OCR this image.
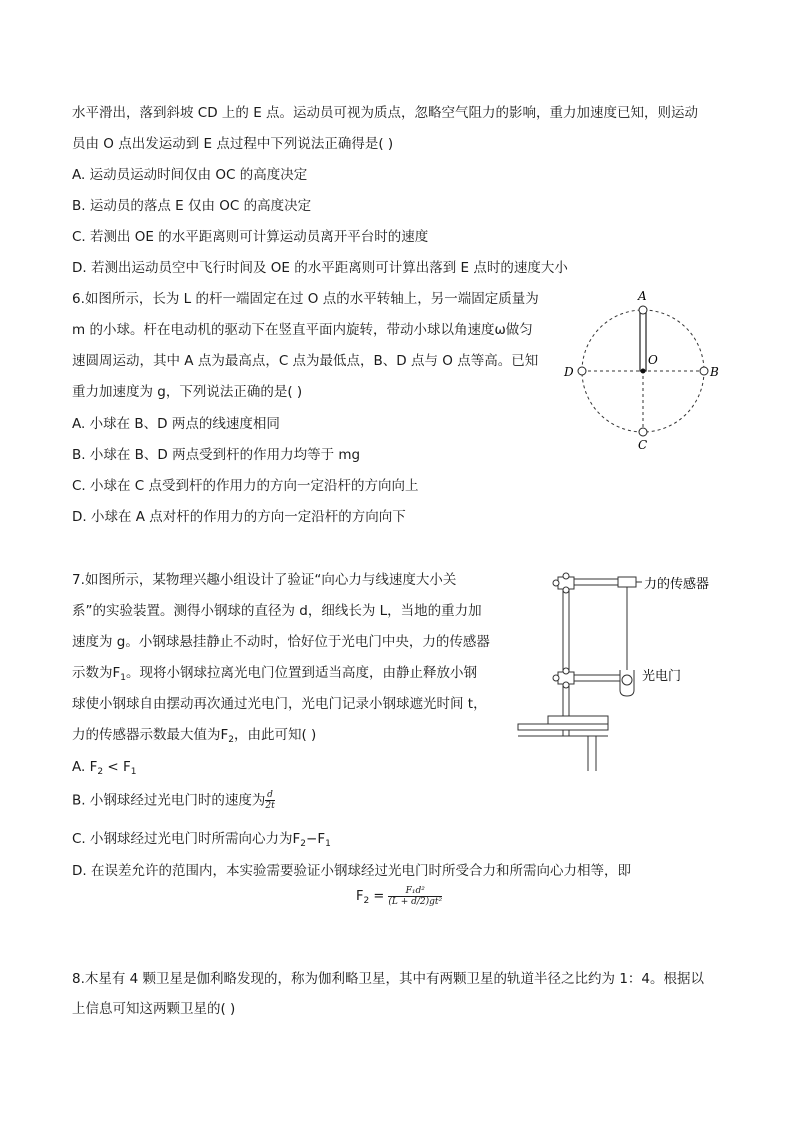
水平滑出，落到斜坡 CD 上的 E 点。运动员可视为质点，忽略空气阻力的影响，重力加速度已知，则运动
员由 O 点出发运动到 E 点过程中下列说法正确得是( )
A. 运动员运动时间仅由 OC 的高度决定
B. 运动员的落点 E 仅由 OC 的高度决定
C. 若测出 OE 的水平距离则可计算运动员离开平台时的速度
D. 若测出运动员空中飞行时间及 OE 的水平距离则可计算出落到 E 点时的速度大小
6.如图所示，长为 L 的杆一端固定在过 O 点的水平转轴上，另一端固定质量为
m 的小球。杆在电动机的驱动下在竖直平面内旋转，带动小球以角速度ω做匀
速圆周运动，其中 A 点为最高点，C 点为最低点，B、D 点与 O 点等高。已知
重力加速度为 g，下列说法正确的是( )
A. 小球在 B、D 两点的线速度相同
B. 小球在 B、D 两点受到杆的作用力均等于 mg
C. 小球在 C 点受到杆的作用力的方向一定沿杆的方向向上
D. 小球在 A 点对杆的作用力的方向一定沿杆的方向向下
A
B
C
D
O
7.如图所示，某物理兴趣小组设计了验证“向心力与线速度大小关
系”的实验装置。测得小钢球的直径为 d，细线长为 L，当地的重力加
速度为 g。小钢球悬挂静止不动时，恰好位于光电门中央，力的传感器
示数为$F_1$。现将小钢球拉离光电门位置到适当高度，由静止释放小钢
球使小钢球自由摆动再次通过光电门，光电门记录小钢球遮光时间 t，
力的传感器示数最大值为$F_2$，由此可知( )
A. $F_2 < F_1$
B. 小钢球经过光电门时的速度为 $\frac{d}{2t}$
C. 小钢球经过光电门时所需向心力为$F_2-F_1$
D. 在误差允许的范围内，本实验需要验证小钢球经过光电门时所受合力和所需向心力相等，即
$F_2 = \frac{\text{F₁d²}}{\text{(L + d/2)gt²}}$
力的传感器
光电门
8.木星有 4 颗卫星是伽利略发现的，称为伽利略卫星，其中有两颗卫星的轨道半径之比约为 1：4。根据以
上信息可知这两颗卫星的( )
